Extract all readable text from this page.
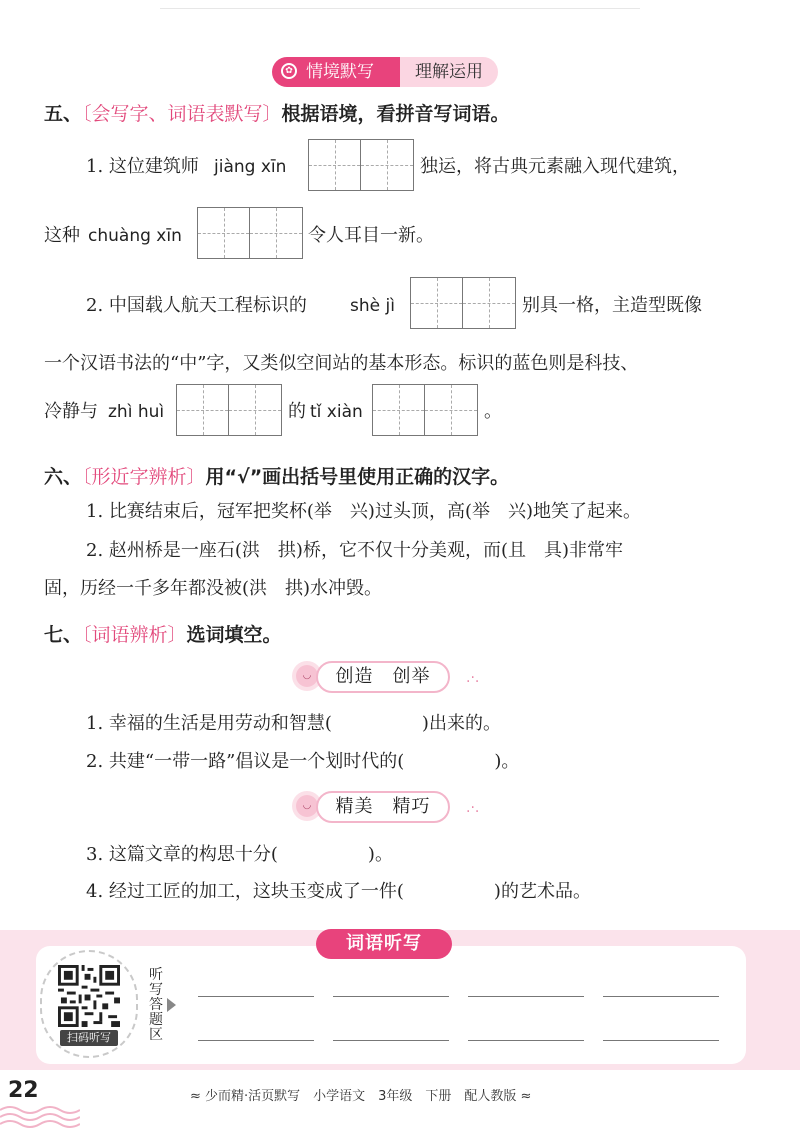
✿ 情境默写	理解运用
五、〔会写字、词语表默写〕根据语境，看拼音写词语。
1. 这位建筑师 jiàng xīn	独运，将古典元素融入现代建筑，
这种 chuàng xīn	令人耳目一新。
2. 中国载人航天工程标识的	shè jì	别具一格，主造型既像
一个汉语书法的“中”字，又类似空间站的基本形态。标识的蓝色则是科技、
冷静与 zhì huì	的 tǐ xiàn	。
六、〔形近字辨析〕用“√”画出括号里使用正确的汉字。
1. 比赛结束后，冠军把奖杯(举　兴)过头顶，高(举　兴)地笑了起来。
2. 赵州桥是一座石(洪　拱)桥，它不仅十分美观，而(且　具)非常牢
固，历经一千多年都没被(洪　拱)水冲毁。
七、〔词语辨析〕选词填空。
◡	创造　创举	.·.
1. 幸福的生活是用劳动和智慧(　　　　　)出来的。
2. 共建“一带一路”倡议是一个划时代的(　　　　　)。
◡	精美　精巧	.·.
3. 这篇文章的构思十分(　　　　　)。
4. 经过工匠的加工，这块玉变成了一件(　　　　　)的艺术品。
词语听写
扫码听写
听写答题区
22	≈ 少而精·活页默写　小学语文　3年级　下册　配人教版 ≈
